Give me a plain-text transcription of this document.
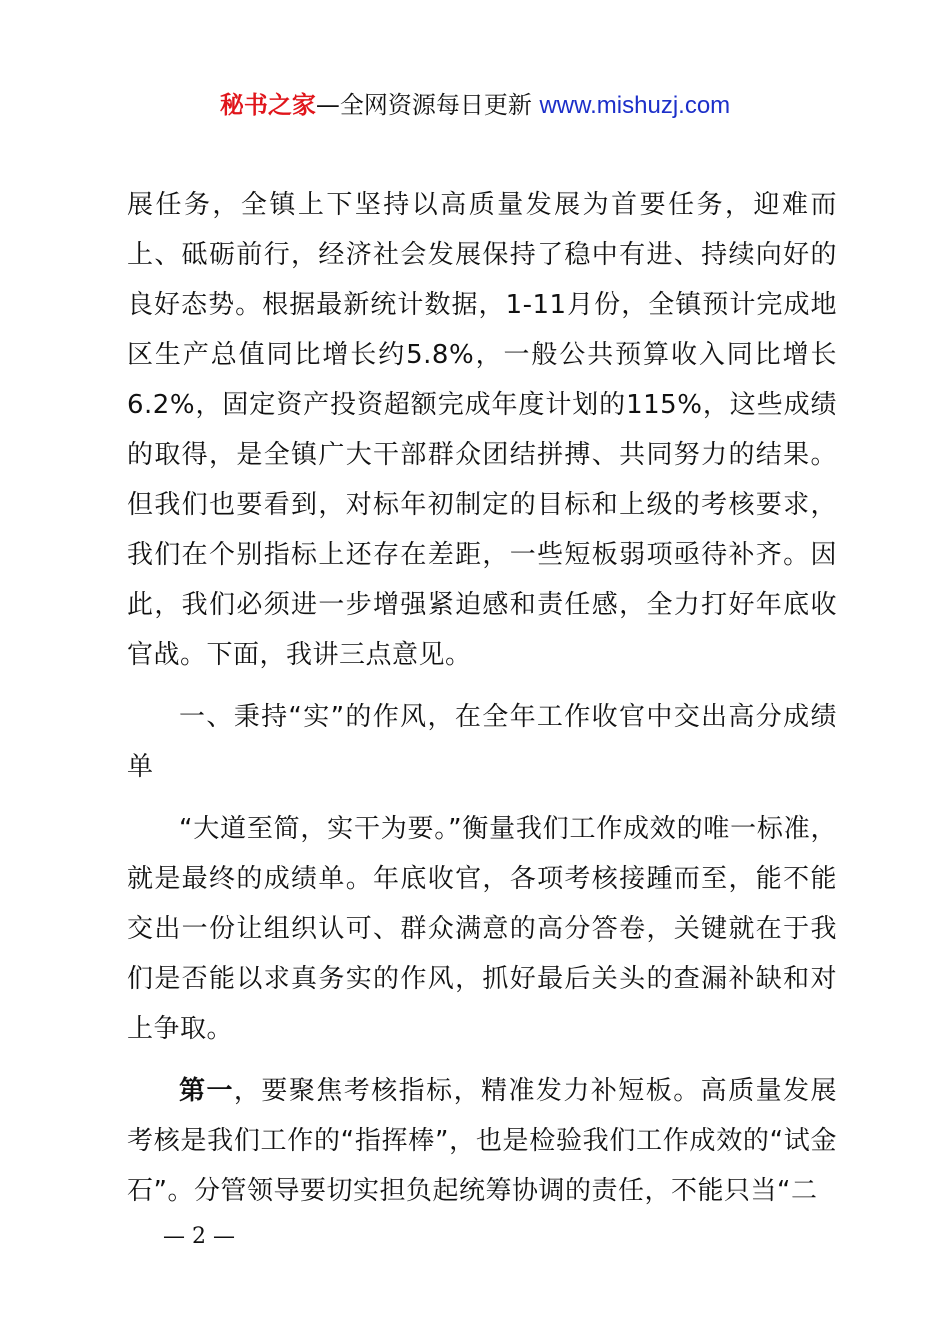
秘书之家—全网资源每日更新 www.mishuzj.com

展任务，全镇上下坚持以高质量发展为首要任务，迎难而上、砥砺前行，经济社会发展保持了稳中有进、持续向好的良好态势。根据最新统计数据，1-11月份，全镇预计完成地区生产总值同比增长约5.8%，一般公共预算收入同比增长6.2%，固定资产投资超额完成年度计划的115%，这些成绩的取得，是全镇广大干部群众团结拼搏、共同努力的结果。但我们也要看到，对标年初制定的目标和上级的考核要求，我们在个别指标上还存在差距，一些短板弱项亟待补齐。因此，我们必须进一步增强紧迫感和责任感，全力打好年底收官战。下面，我讲三点意见。

一、秉持“实”的作风，在全年工作收官中交出高分成绩单

“大道至简，实干为要。”衡量我们工作成效的唯一标准，就是最终的成绩单。年底收官，各项考核接踵而至，能不能交出一份让组织认可、群众满意的高分答卷，关键就在于我们是否能以求真务实的作风，抓好最后关头的查漏补缺和对上争取。

第一，要聚焦考核指标，精准发力补短板。高质量发展考核是我们工作的“指挥棒”，也是检验我们工作成效的“试金石”。分管领导要切实担负起统筹协调的责任，不能只当“二

— 2 —
